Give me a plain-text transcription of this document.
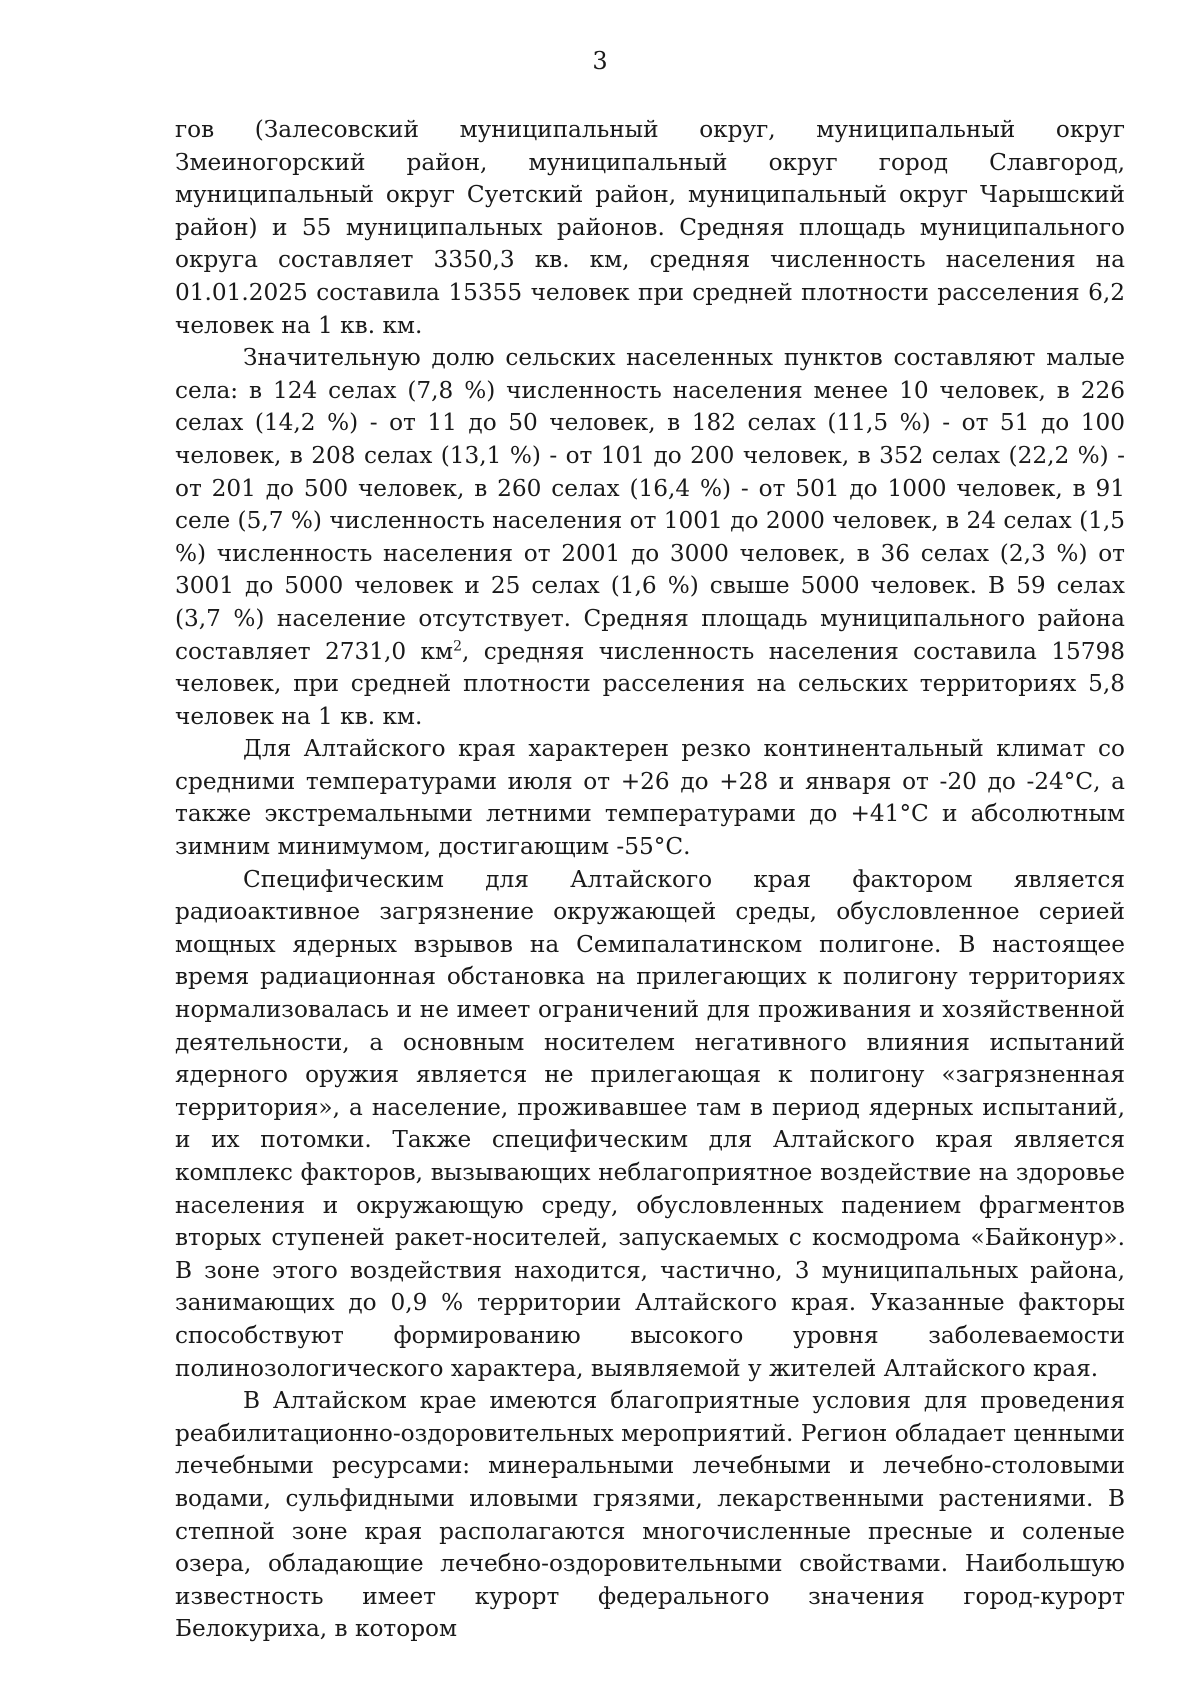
3

гов (Залесовский муниципальный округ, муниципальный округ Змеиногорский район, муниципальный округ город Славгород, муниципальный округ Суетский район, муниципальный округ Чарышский район) и 55 муниципальных районов. Средняя площадь муниципального округа составляет 3350,3 кв. км, средняя численность населения на 01.01.2025 составила 15355 человек при средней плотности расселения 6,2 человек на 1 кв. км.

Значительную долю сельских населенных пунктов составляют малые села: в 124 селах (7,8 %) численность населения менее 10 человек, в 226 селах (14,2 %) - от 11 до 50 человек, в 182 селах (11,5 %) - от 51 до 100 человек, в 208 селах (13,1 %) - от 101 до 200 человек, в 352 селах (22,2 %) - от 201 до 500 человек, в 260 селах (16,4 %) - от 501 до 1000 человек, в 91 селе (5,7 %) численность населения от 1001 до 2000 человек, в 24 селах (1,5 %) численность населения от 2001 до 3000 человек, в 36 селах (2,3 %) от 3001 до 5000 человек и 25 селах (1,6 %) свыше 5000 человек. В 59 селах (3,7 %) население отсутствует. Средняя площадь муниципального района составляет 2731,0 $км^2$, средняя численность населения составила 15798 человек, при средней плотности расселения на сельских территориях 5,8 человек на 1 кв. км.

Для Алтайского края характерен резко континентальный климат со средними температурами июля от +26 до +28 и января от -20 до -24°С, а также экстремальными летними температурами до +41°С и абсолютным зимним минимумом, достигающим -55°С.

Специфическим для Алтайского края фактором является радиоактивное загрязнение окружающей среды, обусловленное серией мощных ядерных взрывов на Семипалатинском полигоне. В настоящее время радиационная обстановка на прилегающих к полигону территориях нормализовалась и не имеет ограничений для проживания и хозяйственной деятельности, а основным носителем негативного влияния испытаний ядерного оружия является не прилегающая к полигону «загрязненная территория», а население, проживавшее там в период ядерных испытаний, и их потомки. Также специфическим для Алтайского края является комплекс факторов, вызывающих неблагоприятное воздействие на здоровье населения и окружающую среду, обусловленных падением фрагментов вторых ступеней ракет-носителей, запускаемых с космодрома «Байконур». В зоне этого воздействия находится, частично, 3 муниципальных района, занимающих до 0,9 % территории Алтайского края. Указанные факторы способствуют формированию высокого уровня заболеваемости полинозологического характера, выявляемой у жителей Алтайского края.

В Алтайском крае имеются благоприятные условия для проведения реабилитационно-оздоровительных мероприятий. Регион обладает ценными лечебными ресурсами: минеральными лечебными и лечебно-столовыми водами, сульфидными иловыми грязями, лекарственными растениями. В степной зоне края располагаются многочисленные пресные и соленые озера, обладающие лечебно-оздоровительными свойствами. Наибольшую известность имеет курорт федерального значения город-курорт Белокуриха, в котором
